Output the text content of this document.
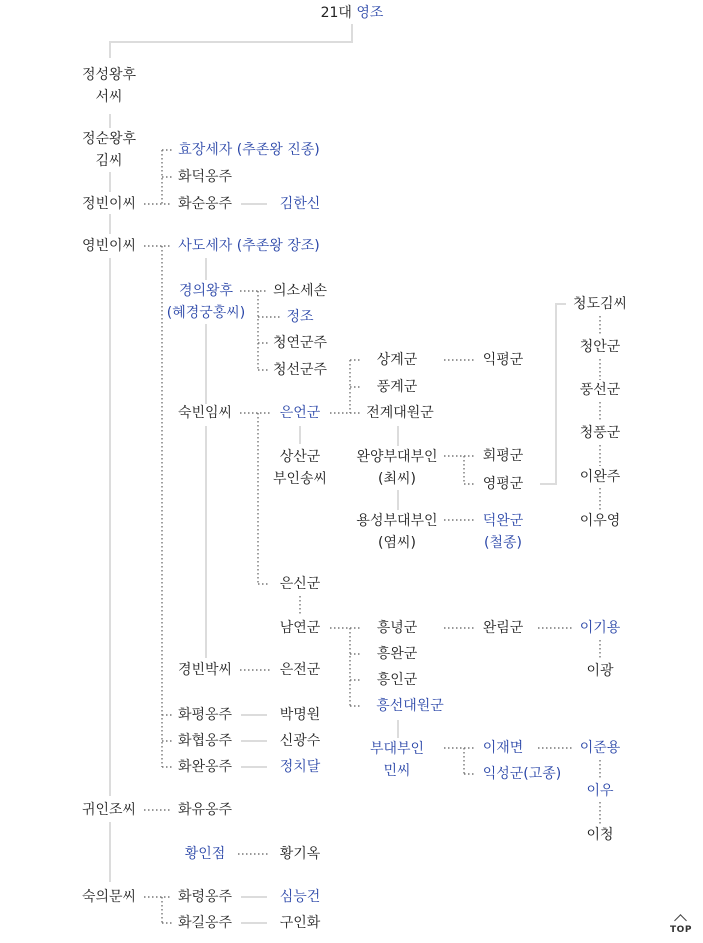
21대 영조
정성왕후
서씨
정순왕후
김씨
정빈이씨
영빈이씨
귀인조씨
숙의문씨
효장세자 (추존왕 진종)
화덕옹주
화순옹주	김한신
사도세자 (추존왕 장조)
경의왕후
(혜경궁홍씨)
의소세손
정조
청연군주
청선군주
숙빈임씨	은언군
상산군
부인송씨
상계군
풍계군
전계대원군
익평군
완양부대부인
(최씨)
회평군
영평군
용성부대부인
(염씨)
덕완군
(철종)
청도김씨
청안군
풍선군
청풍군
이완주
이우영
은신군
남연군	흥녕군	완림군	이기용
이광
흥완군
흥인군
흥선대원군
경빈박씨	은전군
화평옹주	박명원
화협옹주	신광수
화완옹주	정치달
부대부인
민씨
이재면
익성군(고종)
이준용
이우
이청
화유옹주
황인점	황기옥
화령옹주	심능건
화길옹주	구인화	TOP
